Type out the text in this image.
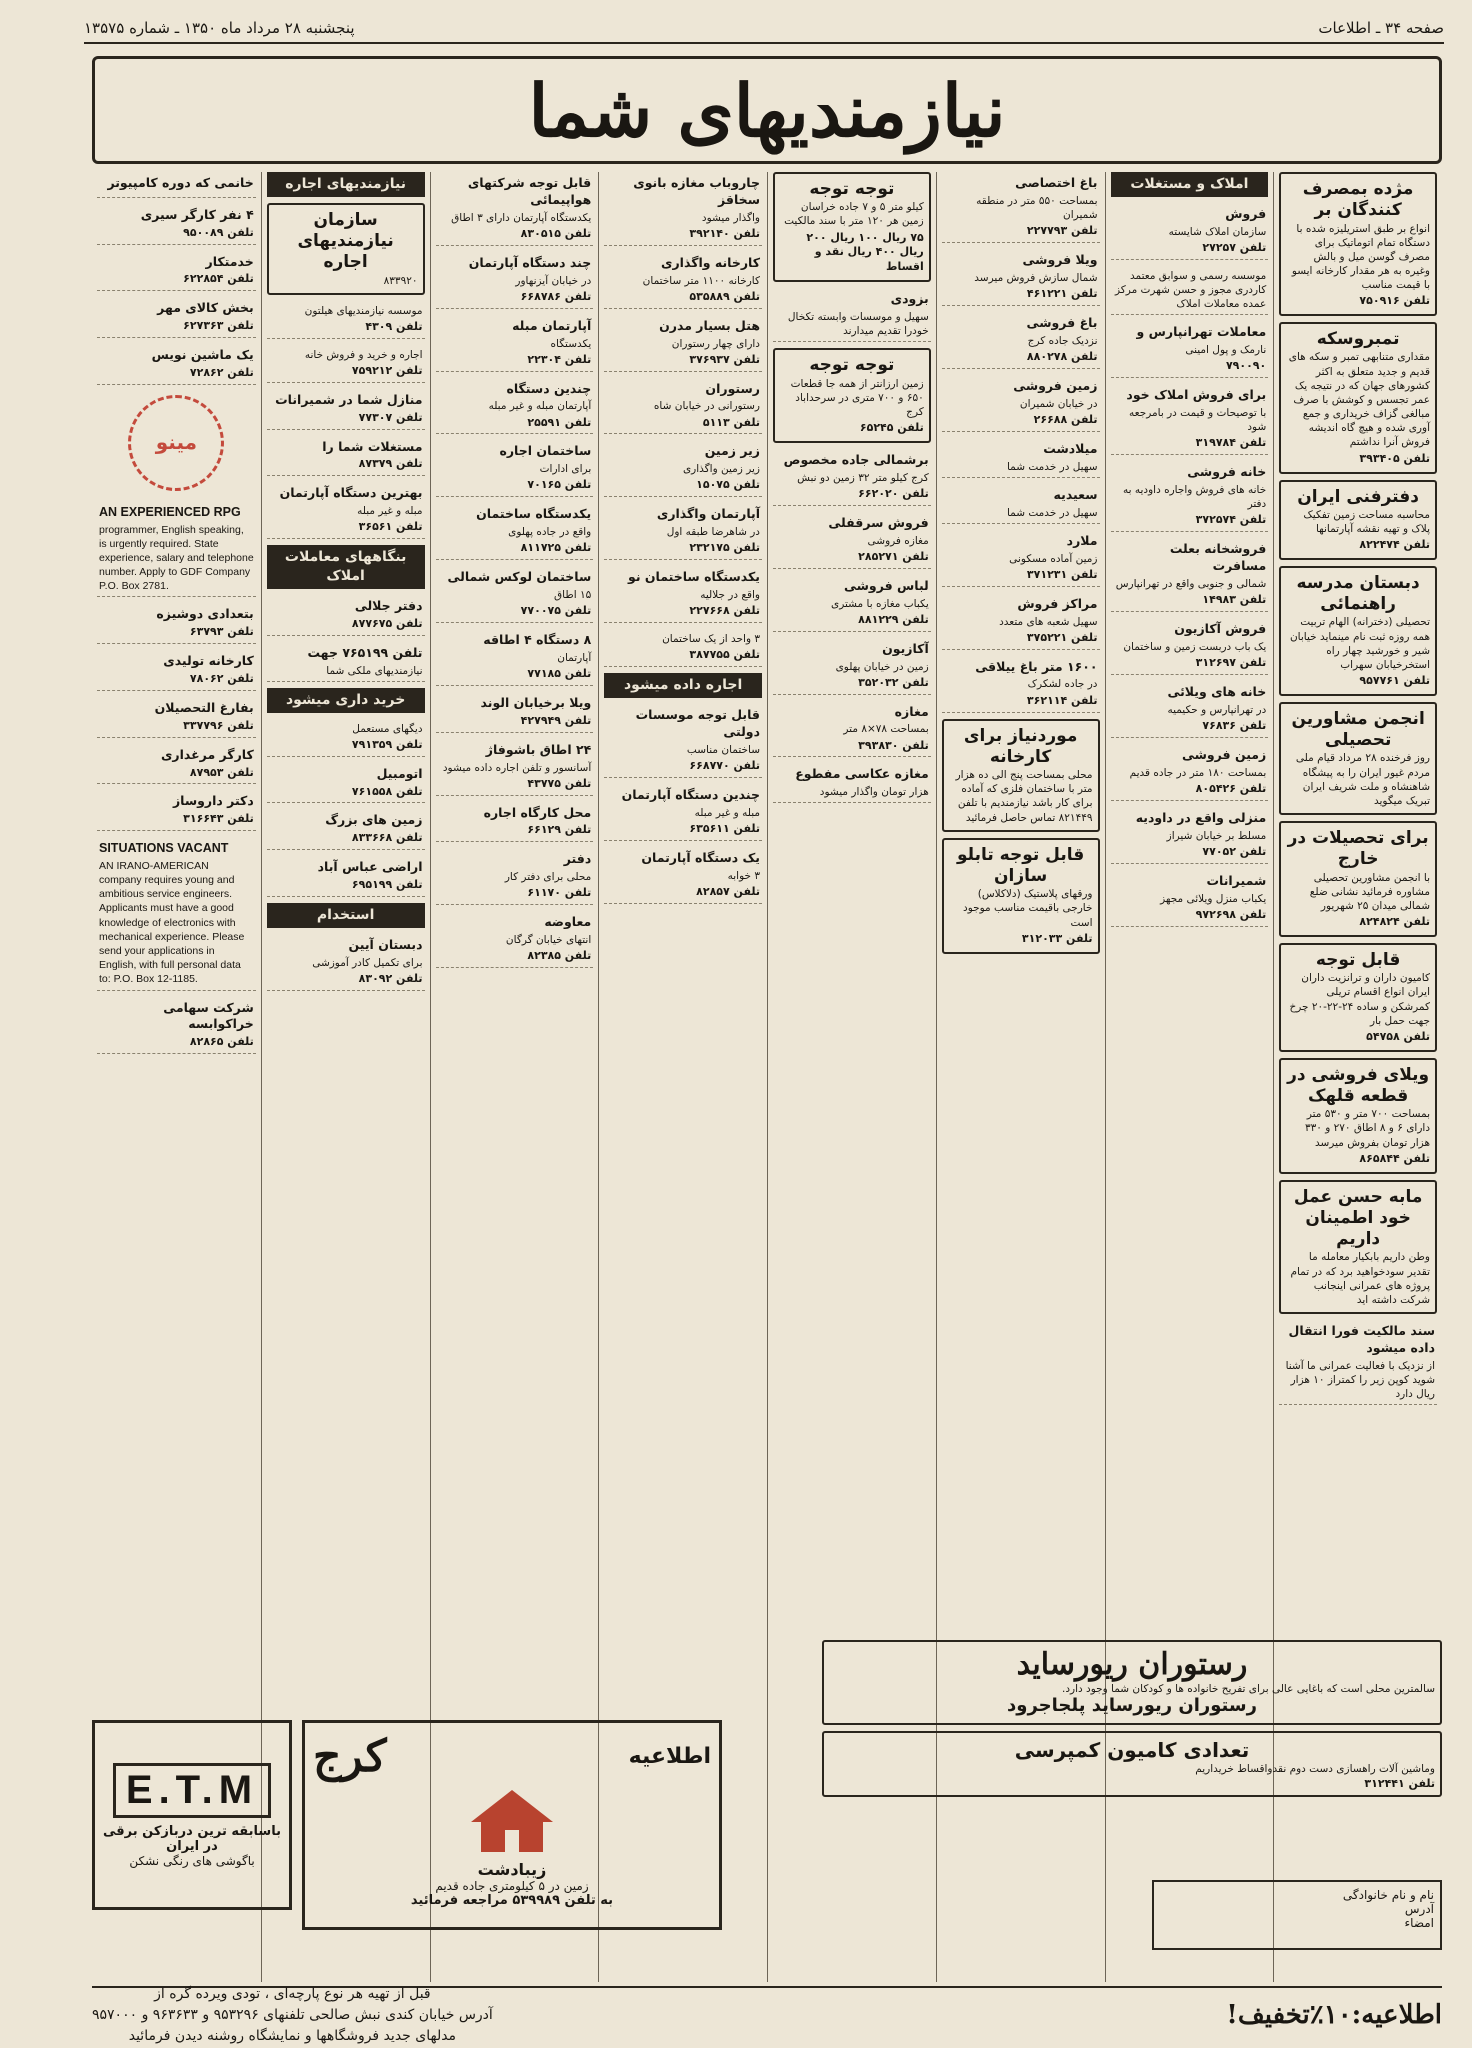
صفحه ۳۴ ـ اطلاعات
پنجشنبه ۲۸ مرداد ماه ۱۳۵۰ ـ شماره ۱۳۵۷۵
نیازمندیهای شما
مژده بمصرف کنندگان بر
انواع بر طبق استریلیزه شده با دستگاه تمام اتوماتیک برای مصرف گوسن میل و بالش وغیره به هر مقدار کارخانه ایسو با قیمت مناسب
تلفن ۷۵۰۹۱۶
تمبروسکه
مقداری متنابهی تمبر و سکه های قدیم و جدید متعلق به اکثر کشورهای جهان که در نتیجه یک عمر تجسس و کوشش با صرف مبالغی گزاف خریداری و جمع آوری شده و هیچ گاه اندیشه فروش آنرا نداشتم
تلفن ۳۹۳۴۰۵
دفترفنی ایران
محاسبه مساحت زمین تفکیک پلاک و تهیه نقشه آپارتمانها
تلفن ۸۲۲۴۷۴
دبستان مدرسه راهنمائی
تحصیلی (دخترانه) الهام تربیت همه روزه ثبت نام مینماید خیابان شیر و خورشید چهار راه استخرخیابان سهراب
تلفن ۹۵۷۷۶۱
انجمن مشاورین تحصیلی
روز فرخنده ۲۸ مرداد قیام ملی مردم غیور ایران را به پیشگاه شاهنشاه و ملت شریف ایران تبریک میگوید
برای تحصیلات در خارج
با انجمن مشاورین تحصیلی مشاوره فرمائید نشانی ضلع شمالی میدان ۲۵ شهریور
تلفن ۸۲۴۸۲۴
قابل توجه
کامیون داران و ترانزیت داران ایران انواع اقسام تریلی کمرشکن و ساده ۲۴-۲۲-۲۰ چرخ جهت حمل بار
تلفن ۵۴۷۵۸
ویلای فروشی در قطعه قلهک
بمساحت ۷۰۰ متر و ۵۳۰ متر دارای ۶ و ۸ اطاق ۲۷۰ و ۳۳۰ هزار تومان بفروش میرسد
تلفن ۸۶۵۸۴۴
مابه حسن عمل خود اطمینان داریم
وطن داریم بابکیار معامله ما تقدیر سودخواهید برد که در تمام پروژه های عمرانی اینجانب شرکت داشته اید
سند مالکیت فورا انتقال داده میشود
از نزدیک با فعالیت عمرانی ما آشنا شوید کوپن زیر را کمتراز ۱۰ هزار ریال دارد
املاک و مستغلات
فروش
سازمان املاک شایسته
تلفن ۲۷۲۵۷
موسسه رسمی و سوابق معتمد کاردری مجوز و حسن شهرت مرکز عمده معاملات املاک
معاملات تهرانپارس و
نارمک و پول امینی
۷۹۰۰۹۰
برای فروش املاک خود
با توصیحات و قیمت در بامرجعه شود
تلفن ۳۱۹۷۸۴
خانه فروشی
خانه های فروش واجاره داودیه به دفتر
تلفن ۳۷۲۵۷۴
فروشخانه بعلت مسافرت
شمالی و جنوبی واقع در تهرانپارس
تلفن ۱۴۹۸۳
فروش آکازیون
یک باب دربست زمین و ساختمان
تلفن ۳۱۲۶۹۷
خانه های ویلائی
در تهرانپارس و حکیمیه
تلفن ۷۶۸۳۶
زمین فروشی
بمساحت ۱۸۰ متر در جاده قدیم
تلفن ۸۰۵۴۲۶
منزلی واقع در داودیه
مسلط بر خیابان شیراز
تلفن ۷۷۰۵۲
شمیرانات
یکباب منزل ویلائی مجهز
تلفن ۹۷۲۶۹۸
باغ اختصاصی
بمساحت ۵۵۰ متر در منطقه شمیران
تلفن ۲۲۷۷۹۳
ویلا فروشی
شمال سازش فروش میرسد
تلفن ۴۶۱۲۲۱
باغ فروشی
نزدیک جاده کرج
تلفن ۸۸۰۲۷۸
زمین فروشی
در خیابان شمیران
تلفن ۲۶۶۸۸
میلادشت
سهیل در خدمت شما
سعیدیه
سهیل در خدمت شما
ملارد
زمین آماده مسکونی
تلفن ۳۷۱۲۳۱
مراکز فروش
سهیل شعبه های متعدد
تلفن ۳۷۵۲۲۱
۱۶۰۰ متر باغ ییلاقی
در جاده لشکرک
تلفن ۳۶۲۱۱۴
موردنیاز برای کارخانه
محلی بمساحت پنج الی ده هزار متر با ساختمان فلزی که آماده برای کار باشد نیازمندیم با تلفن ۸۲۱۴۴۹ تماس حاصل فرمائید
قابل توجه تابلو سازان
ورقهای پلاستیک (دلاکلاس) خارجی باقیمت مناسب موجود است
تلفن ۳۱۲۰۳۳
توجه توجه
کیلو متر ۵ و ۷ جاده خراسان زمین هر ۱۲۰ متر با سند مالکیت
۷۵ ریال ۱۰۰ ریال ۲۰۰ ریال ۴۰۰ ریال نقد و اقساط
بزودی
سهیل و موسسات وابسته تکخال خودرا تقدیم میدارند
توجه توجه
زمین ارزانتر از همه جا قطعات ۶۵۰ و ۷۰۰ متری در سرحداباد کرج
تلفن ۶۵۲۴۵
برشمالی جاده مخصوص
کرج کیلو متر ۳۲ زمین دو نبش
تلفن ۶۶۲۰۲۰
فروش سرقفلی
مغازه فروشی
تلفن ۲۸۵۲۷۱
لباس فروشی
یکباب مغازه با مشتری
تلفن ۸۸۱۲۲۹
آکازیون
زمین در خیابان پهلوی
تلفن ۳۵۲۰۳۲
مغازه
بمساحت ۷۸×۸ متر
تلفن ۳۹۳۸۳۰
مغازه عکاسی مفطوع
هزار تومان واگذار میشود
چاروباب مغازه بانوی سخاقز
واگذار میشود
تلفن ۳۹۲۱۴۰
کارخانه واگذاری
کارخانه ۱۱۰۰ متر ساختمان
تلفن ۵۳۵۸۸۹
هتل بسیار مدرن
دارای چهار رستوران
تلفن ۳۷۶۹۳۷
رستوران
رستورانی در خیابان شاه
تلفن ۵۱۱۳
زیر زمین
زیر زمین واگذاری
تلفن ۱۵۰۷۵
آپارتمان واگذاری
در شاهرضا طبقه اول
تلفن ۲۳۲۱۷۵
یکدستگاه ساختمان نو
واقع در جلالیه
تلفن ۲۲۷۶۶۸
۳ واحد از یک ساختمان
تلفن ۳۸۷۷۵۵
اجاره داده میشود
قابل توجه موسسات دولتی
ساختمان مناسب
تلفن ۶۶۸۷۷۰
چندین دستگاه آپارتمان
مبله و غیر مبله
تلفن ۶۳۵۶۱۱
یک دستگاه آپارتمان
۳ خوابه
تلفن ۸۲۸۵۷
قابل توجه شرکتهای هواپیمائی
یکدستگاه آپارتمان دارای ۳ اطاق
تلفن ۸۳۰۵۱۵
چند دستگاه آپارتمان
در خیابان آیزنهاور
تلفن ۶۶۸۷۸۶
آپارتمان مبله
یکدستگاه
تلفن ۲۲۳۰۴
چندین دستگاه
آپارتمان مبله و غیر مبله
تلفن ۲۵۵۹۱
ساختمان اجاره
برای ادارات
تلفن ۷۰۱۶۵
یکدستگاه ساختمان
واقع در جاده پهلوی
تلفن ۸۱۱۷۲۵
ساختمان لوکس شمالی
۱۵ اطاق
تلفن ۷۷۰۰۷۵
۸ دستگاه ۴ اطاقه
آپارتمان
تلفن ۷۷۱۸۵
ویلا برخیابان الوند
تلفن ۴۲۷۹۴۹
۲۴ اطاق باشوفاژ
آسانسور و تلفن اجاره داده میشود
تلفن ۴۳۷۷۵
محل کارگاه اجاره
تلفن ۶۶۱۲۹
دفتر
محلی برای دفتر کار
تلفن ۶۱۱۷۰
معاوضه
انتهای خیابان گرگان
تلفن ۸۲۳۸۵
نیازمندیهای اجاره
سازمان نیازمندیهای اجاره
۸۳۳۹۲۰
موسسه نیازمندیهای هیلتون
تلفن ۴۳۰۹
اجاره و خرید و فروش خانه
تلفن ۷۵۹۲۱۲
منازل شما در شمیرانات
تلفن ۷۷۳۰۷
مستغلات شما را
تلفن ۸۷۳۷۹
بهترین دستگاه آپارتمان
مبله و غیر مبله
تلفن ۳۶۵۶۱
بنگاههای معاملات املاک
دفتر جلالی
تلفن ۸۷۷۶۷۵
تلفن ۷۶۵۱۹۹ جهت
نیازمندیهای ملکی شما
خرید داری میشود
دیگهای مستعمل
تلفن ۷۹۱۳۵۹
اتومبیل
تلفن ۷۶۱۵۵۸
زمین های بزرگ
تلفن ۸۳۳۶۶۸
اراضی عباس آباد
تلفن ۶۹۵۱۹۹
استخدام
دبستان آیین
برای تکمیل کادر آموزشی
تلفن ۸۳۰۹۲
خانمی که دوره کامپیوتر
۴ نفر کارگر سیری
تلفن ۹۵۰۰۸۹
خدمتکار
تلفن ۶۲۲۸۵۴
بخش کالای مهر
تلفن ۶۲۷۳۶۳
یک ماشین نویس
تلفن ۷۲۸۶۲
مینو
AN EXPERIENCED RPG
programmer, English speaking, is urgently required. State experience, salary and telephone number. Apply to GDF Company P.O. Box 2781.
بتعدادی دوشیزه
تلفن ۶۳۷۹۳
کارخانه تولیدی
تلفن ۷۸۰۶۲
بفارغ التحصیلان
تلفن ۳۳۷۷۹۶
کارگر مرغداری
تلفن ۸۷۹۵۳
دکتر داروساز
تلفن ۳۱۶۶۴۳
SITUATIONS VACANT
AN IRANO-AMERICAN company requires young and ambitious service engineers. Applicants must have a good knowledge of electronics with mechanical experience. Please send your applications in English, with full personal data to: P.O. Box 12-1185.
شرکت سهامی خراکوابسه
تلفن ۸۲۸۶۵
رستوران ریورساید
سالمترین محلی است که باغایی عالی برای تفریح خانواده ها و کودکان شما وجود دارد.
رستوران ریورساید پلجاجرود
تعدادی کامیون کمپرسی
وماشین آلات راهسازی دست دوم نقدواقساط خریداریم
تلفن ۳۱۲۴۴۱
E.T.M
باسابقه ترین دربازکن برقی در ایران
باگوشی های رنگی نشکن
اطلاعیه
کرج
زیبادشت
زمین در ۵ کیلومتری جاده قدیم
به تلفن ۵۳۹۹۸۹ مراجعه فرمائید	نام و نام خانوادگی
آدرس
امضاء
اطلاعیه:۱۰٪تخفیف!
قبل از تهیه هر نوع پارچه‌ای ، تودی ویرده گره از
آدرس خیابان کندی نبش صالحی تلفنهای ۹۵۳۲۹۶ و ۹۶۳۶۳۳ و ۹۵۷۰۰۰
مدلهای جدید فروشگاهها و نمایشگاه روشنه دیدن فرمائید
